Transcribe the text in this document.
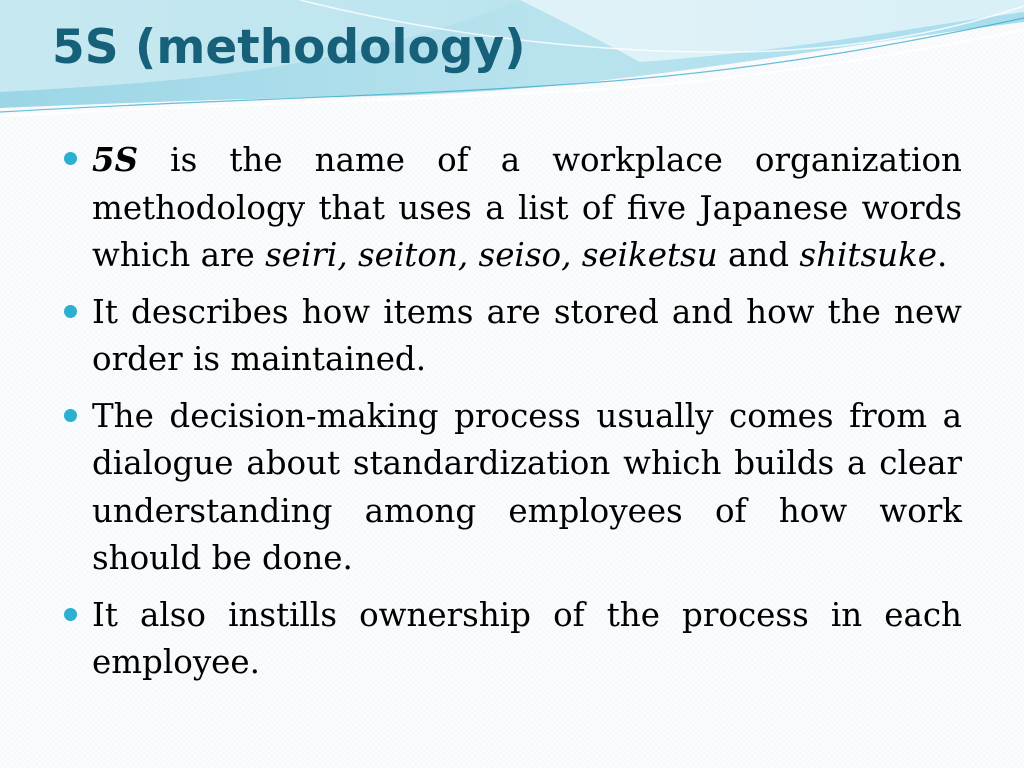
5S (methodology)
5S is the name of a workplace organization methodology that uses a list of five Japanese words which are seiri, seiton, seiso, seiketsu and shitsuke.
It describes how items are stored and how the new order is maintained.
The decision-making process usually comes from a dialogue about standardization which builds a clear understanding among employees of how work should be done.
It also instills ownership of the process in each employee.
